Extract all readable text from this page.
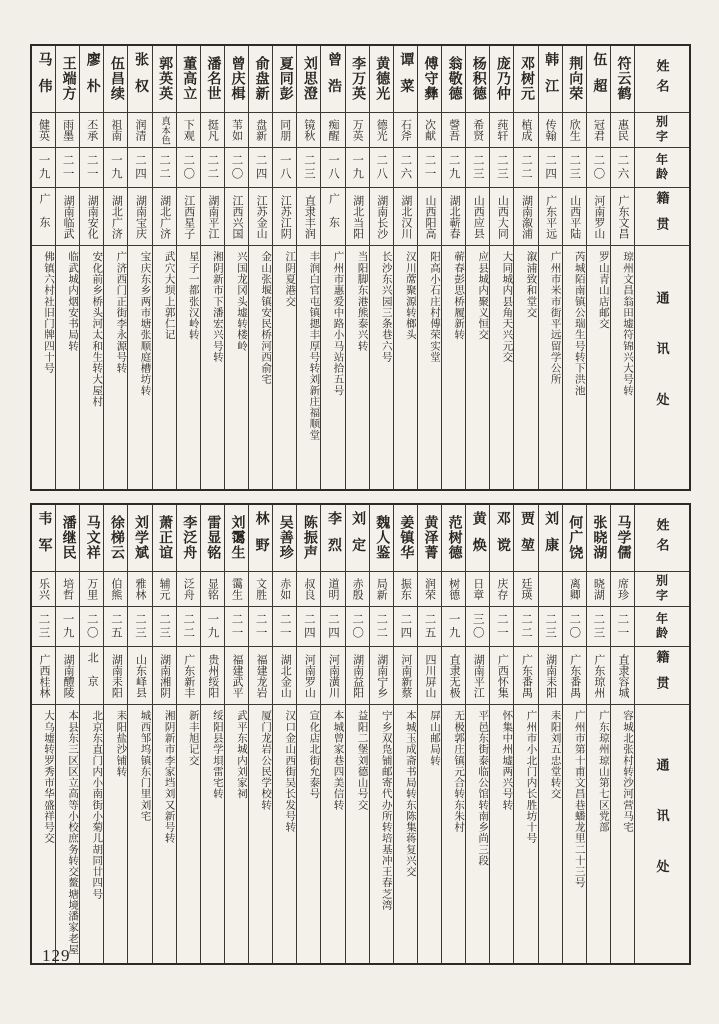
姓名
别字
年龄
籍贯
通讯处
符云鹤
惠民
二六
广东文昌
琼州文昌翁田墟符锦兴大号转
伍超
冠君
二〇
河南罗山
罗山青山店邮交
荆向荣
欣生
二三
山西平陆
芮城陌南镇公瑞生号转下洪池
韩江
传翰
二四
广东平远
广州市米市街平远留学公所
邓树元
植成
二二
湖南溆浦
溆浦致和堂交
庞乃仲
莼轩
二三
山西大同
大同城内县角天兴元交
杨积德
希贤
二三
山西应县
应县城内聚义恒交
翁敬德
謦吾
二九
湖北蕲春
蕲春彭思桥履新转
傅守彝
次献
二一
山西阳高
阳高小石庄村傅荣实堂
谭菜
石斧
二六
湖北汉川
汉川蓆聚源转榔头
黄德光
德光
二八
湖南长沙
长沙东兴园三条巷六号
李万英
万英
一九
湖北当阳
当阳脚东港熊泰兴转
曾浩
痴醒
一八
广东
广州市惠爱中路小马站拾五号
刘思澄
镜秋
二三
直隶丰润
丰润白官屯镇揌丰厚号转刘新庄福顺堂
夏同彭
同朋
一八
江苏江阴
江阴夏港交
俞盘新
盘新
二四
江苏金山
金山张堰镇安民桥河西俞宅
曾庆楫
苇如
二〇
江西兴国
兴国龙冈头墟转楼岭
潘名世
挺凡
二二
湖南平江
湘阴新市下潘宏兴号转
董高立
下观
二〇
江西星子
星子一都张汉岭转
郭英英
真本色
二二
湖北广济
武穴大坝上郭仁记
张权
润清
二四
湖南宝庆
宝庆东乡两市塘张顺庭槽坊转
伍昌续
祖南
一九
湖北广济
广济西门正街李永源号转
廖朴
丕承
二一
湖南安化
安化前乡桥头河太和生转大屋村
王端方
雨墨
二一
湖南临武
临武城内烟安书局转
马伟
健英
一九
广东
佛镇六村社旧门牌四十号
姓名
别字
年龄
籍贯
通讯处
马学儒
席珍
二一
直隶容城
容城北张村转沙河营马宅
张晓湖
晓湖
二三
广东琼州
广东琼州琼山第七区党部
何广饶
离卿
二〇
广东番禺
广州市第十甫文昌巷蟠龙里二十三号
刘康
二三
湖南耒阳
耒阳刘五忠堂转交
贾堃
廷瑛
二二
广东番禺
广州市小北门内长胜坊十号
邓谠
庆存
二一
广西怀集
怀集中州墟两兴号转
黄焕
日章
三〇
湖南平江
平邑东街泰临公馆转南乡尚三段
范树德
树德
一九
直隶无极
无极郭庄镇元合转东朱村
黄泽菁
润荣
二五
四川屏山
屏山邮局转
姜镇华
振东
二四
河南新蔡
本城玉成斋书局转东陈集蒋复兴交
魏人鉴
局新
二二
湖南宁乡
宁乡双凫铺邮寄代办所转培基冲王春芝湾
刘定
赤殷
二〇
湖南益阳
益阳二堡刘德山号交
李烈
道明
二四
河南潢川
本城曾家巷四美信转
陈振声
叔良
二四
河南罗山
宣化店北街允泰号
吴善珍
赤如
二一
湖北金山
汉口金山西街吴长发号转
林野
文胜
二一
福建龙岩
厦门龙岩公民学校转
刘霭生
霭生
二一
福建武平
武平东城内刘家祠
雷显铭
显铭
一九
贵州绥阳
绥阳县学垻雷宅转
李泛舟
泛舟
二二
广东新丰
新丰旭记交
萧正谊
辅元
二三
湖南湘阴
湘阴新市李家垱刘又新号转
刘学斌
雅林
二三
山东峄县
城西邹坞镇东门里刘宅
徐梯云
伯熊
二五
湖南耒阳
耒阳盐沙铺转
马文祥
万里
二〇
北京
北京东直门内小南街小菊儿胡同廿四号
潘继民
培哲
一九
湖南醴陵
本县东三区区立高等小校庶务转交鳌塘境潘家老屋
韦军
乐兴
二三
广西桂林
大乌墟转罗秀市华盛祥号交
129
